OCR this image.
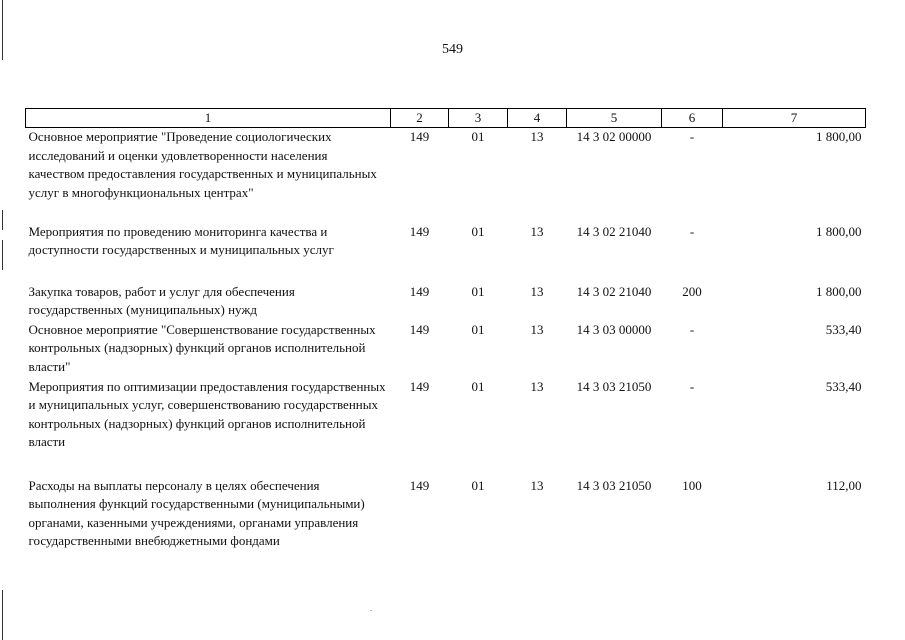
549
1	2	3	4	5	6	7
Основное мероприятие "Проведение социологических исследований и оценки удовлетворенности населения качеством предоставления государственных и муниципальных услуг в многофункциональных центрах"	149	01	13	14 3 02 00000	-	1 800,00
Мероприятия по проведению мониторинга качества и доступности государственных и муниципальных услуг	149	01	13	14 3 02 21040	-	1 800,00
Закупка товаров, работ и услуг для обеспечения государственных (муниципальных) нужд	149	01	13	14 3 02 21040	200	1 800,00
Основное мероприятие "Совершенствование государственных контрольных (надзорных) функций органов исполнительной власти"	149	01	13	14 3 03 00000	-	533,40
Мероприятия по оптимизации предоставления государственных и муниципальных услуг, совершенствованию государственных контрольных (надзорных) функций органов исполнительной власти	149	01	13	14 3 03 21050	-	533,40
Расходы на выплаты персоналу в целях обеспечения выполнения функций государственными (муниципальными) органами, казенными учреждениями, органами управления государственными внебюджетными фондами	149	01	13	14 3 03 21050	100	112,00
